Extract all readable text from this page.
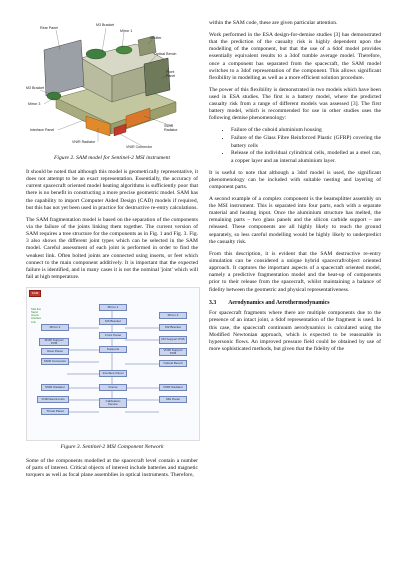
Rear Panel
M3 Bracket
Mirror 1
Shutter
Optical Bench
Front Panel
M3 Bracket
Mirror 3
Interface Panel
SWIR Radiator
VNIR Radiator
VNIR Connector
Figure 2. SAM model for Sentinel-2 MSI instrument

It should be noted that although this model is geometrically representative, it does not attempt to be an exact representation. Essentially, the accuracy of current spacecraft oriented model heating algorithms is sufficiently poor that there is no benefit in constructing a more precise geometric model. SAM has the capability to import Computer Aided Design (CAD) models if required, but this has not yet been used in practice for destructive re-entry calculations.

The SAM fragmentation model is based on the separation of the components via the failure of the joints linking them together. The current version of SAM requires a tree structure for the components as in Fig. 1 and Fig. 3. Fig. 3 also shows the different joint types which can be selected in the SAM model. Careful assessment of each joint is performed in order to find the weakest link. Often bolted joints are connected using inserts, or feet which connect to the main component additively. It is important that the expected failure is identified, and in many cases it is not the nominal 'joint' which will fail at high temperature.

SAM
Side flux
Stand
Inserts
Interface
Link
Mirror 1
Mirror 3
Mirror 2
M3 Bracket
M2 Bracket
M3 Support PCB
Front Panel
SNIR Support PCB
Rear Panel	Supports	VNIR Support PCB
SNIR Connector	Optical Bench
Interface Panel
SNIR Radiator	VNIR Radiator
Frame
VNIR Electronics	Mid Panel
Calibration Device
Thrust Panel
Figure 3. Sentinel-2 MSI Component Network

Some of the components modelled at the spacecraft level contain a number of parts of interest. Critical objects of interest include batteries and magnetic torquers as well as focal plane assemblies in optical instruments. Therefore,

within the SAM code, these are given particular attention.

Work performed in the ESA design-for-demise studies [3] has demonstrated that the prediction of the casualty risk is highly dependent upon the modelling of the component, but that the use of a 6dof model provides essentially equivalent results to a 3dof tumble average model. Therefore, once a component has separated from the spacecraft, the SAM model switches to a 3dof representation of the component. This allows significant flexibility in modelling as well as a more efficient solution procedure.

The power of this flexibility is demonstrated in two models which have been used in ESA studies. The first is a battery model, where the predicted casualty risk from a range of different models was assessed [3]. The first battery model, which is recommended for use in other studies uses the following demise phenomenology:

• Failure of the cuboid aluminium housing
• Failure of the Glass Fibre Reinforced Plastic (GFRP) covering the battery cells
• Release of the individual cylindrical cells, modelled as a steel can, a copper layer and an internal aluminium layer.

It is useful to note that although a 3dof model is used, the significant phenomenology can be included with suitable nesting and layering of component parts.

A second example of a complex component is the beamsplitter assembly on the MSI instrument. This is separated into four parts, each with a separate material and heating input. Once the aluminium structure has melted, the remaining parts – two glass panels and the silicon carbide support – are released. These components are all highly likely to reach the ground separately, so less careful modelling would be highly likely to underpredict the casualty risk.

From this description, it is evident that the SAM destructive re-entry simulation can be considered a unique hybrid spacecraft/object oriented approach. It captures the important aspects of a spacecraft oriented model, namely a predictive fragmentation model and the heat-up of components prior to their release from the spacecraft, whilst maintaining a balance of fidelity between the geometric and physical representativeness.

3.3 Aerodynamics and Aerothermodynamics

For spacecraft fragments where there are multiple components due to the presence of an intact joint, a 6dof representation of the fragment is used. In this case, the spacecraft continuum aerodynamics is calculated using the Modified Newtonian approach, which is expected to be reasonable in hypersonic flows. An improved pressure field could be obtained by use of more sophisticated methods, but given that the fidelity of the
